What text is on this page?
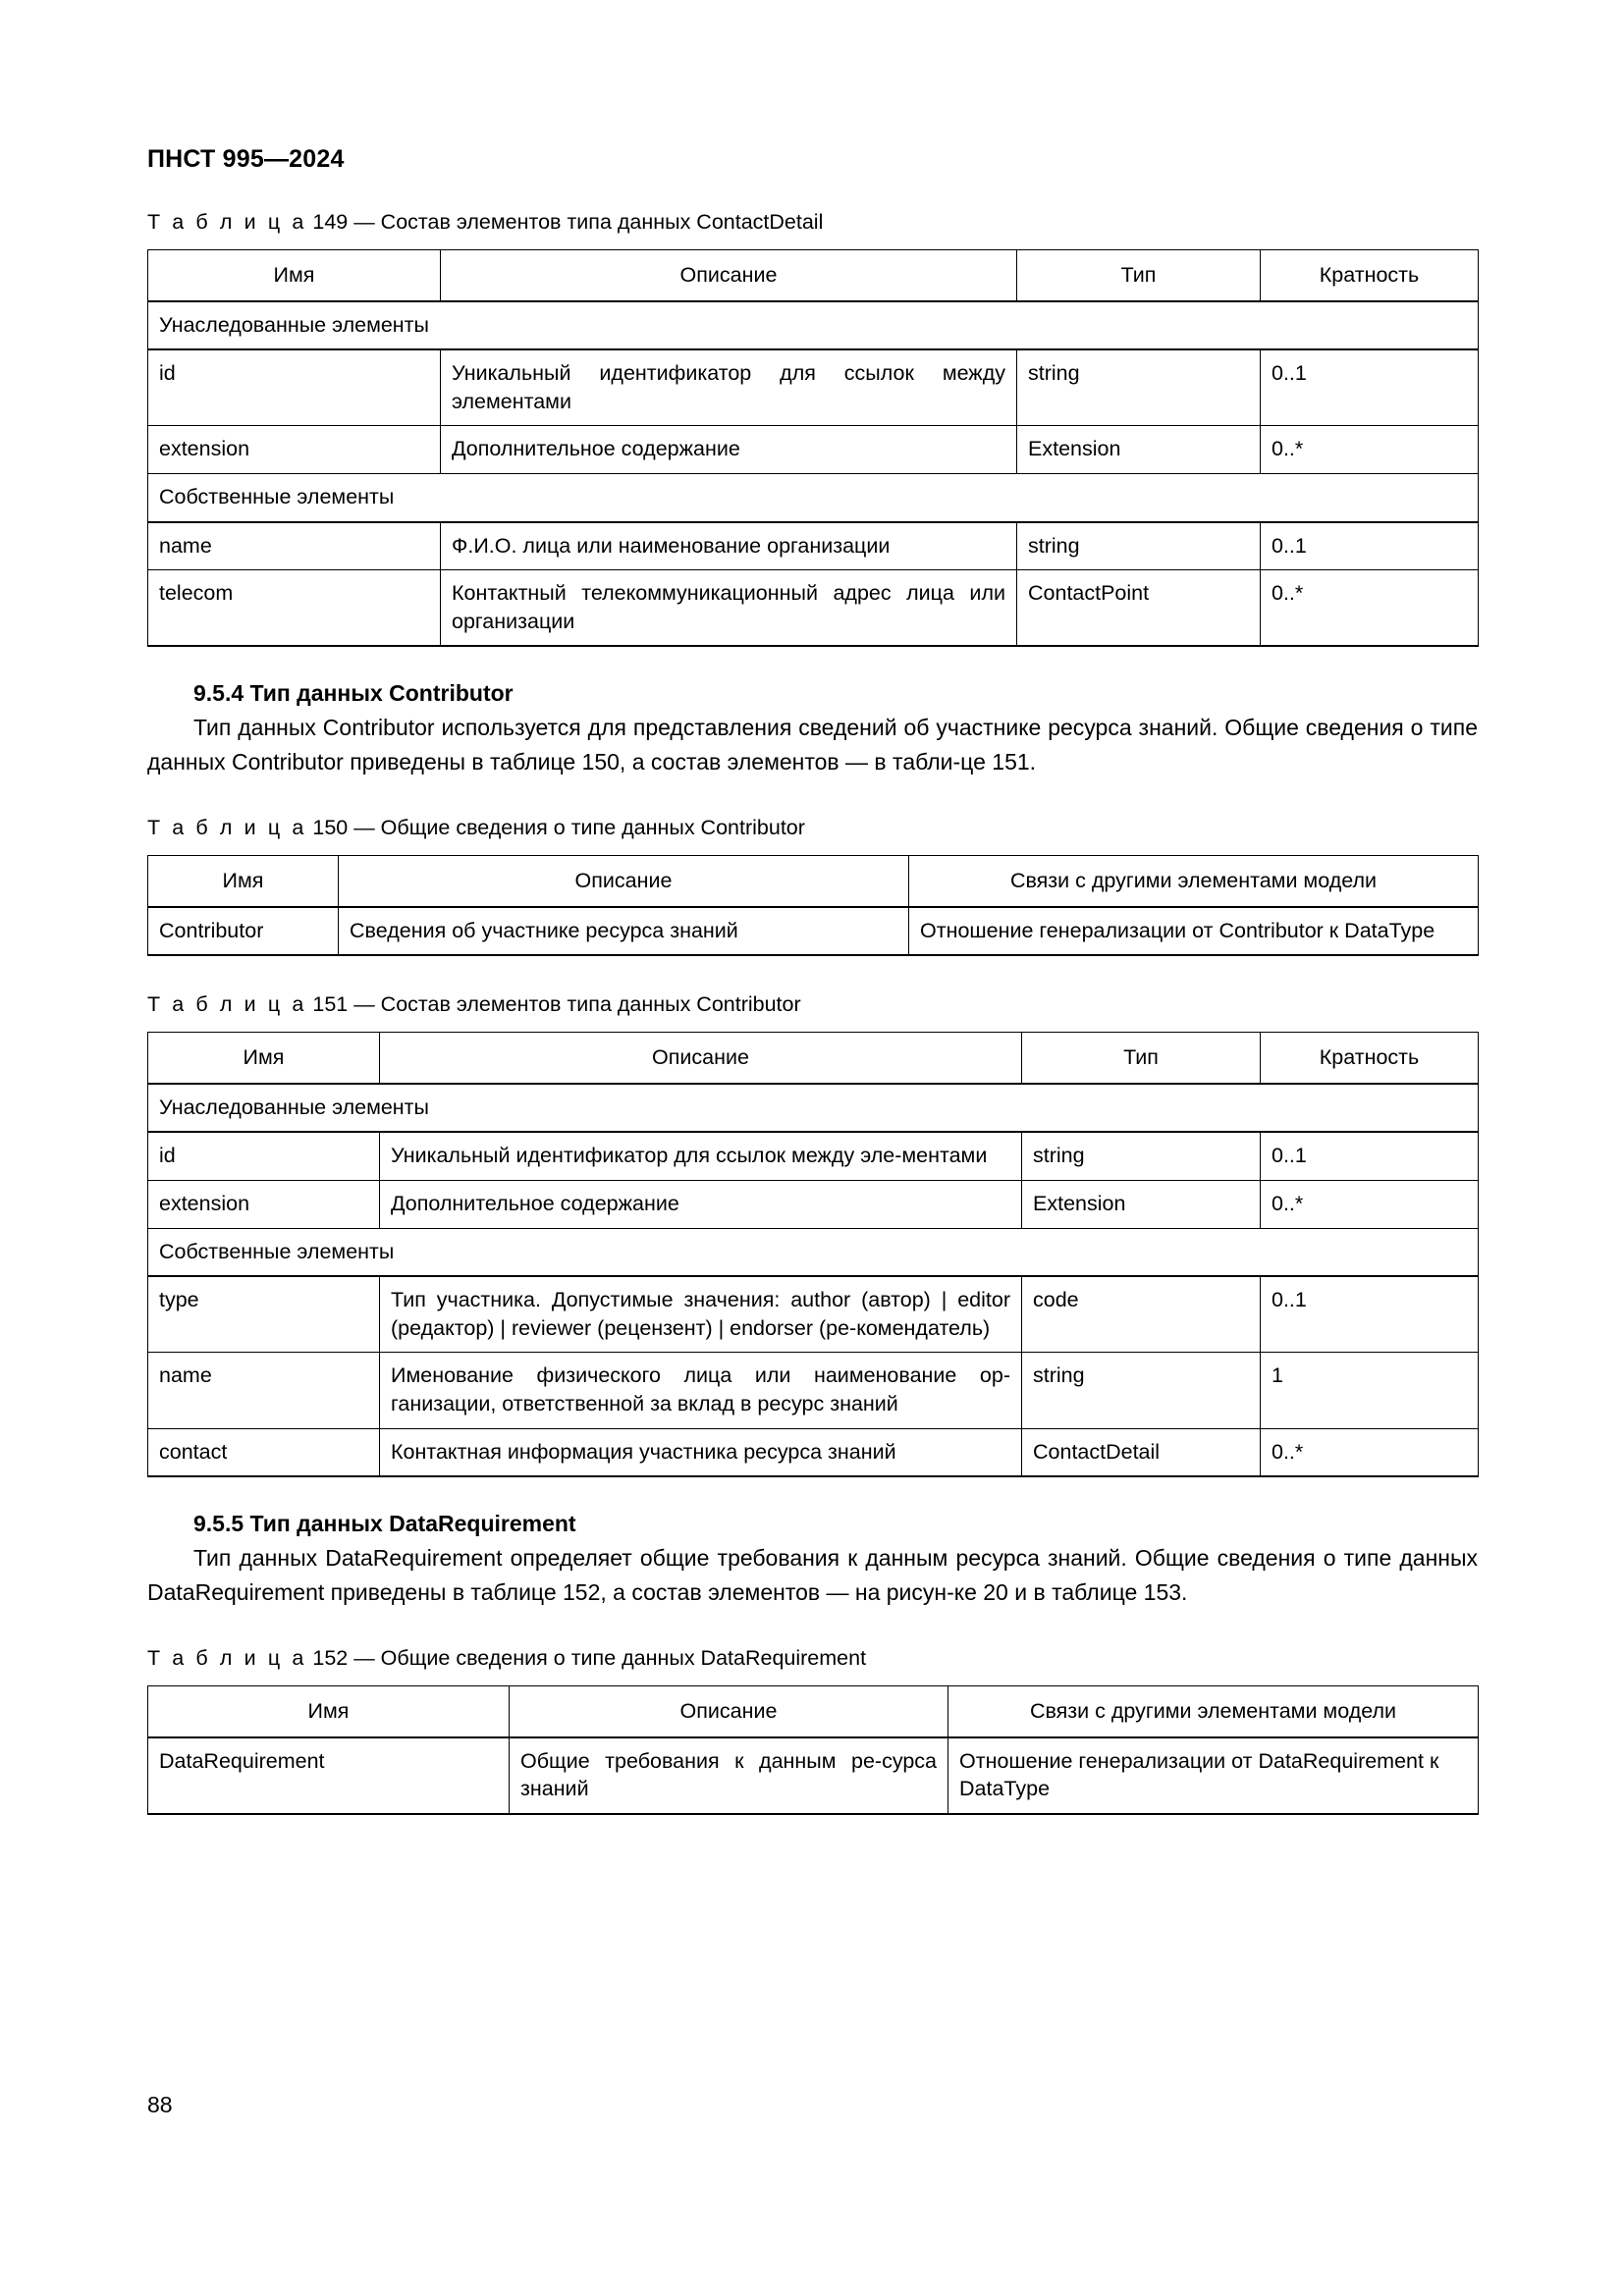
ПНСТ 995—2024
Т а б л и ц а 149 — Состав элементов типа данных ContactDetail
Имя	Описание	Тип	Кратность
Унаследованные элементы			
id	Уникальный идентификатор для ссылок между элементами	string	0..1
extension	Дополнительное содержание	Extension	0..*
Собственные элементы			
name	Ф.И.О. лица или наименование организации	string	0..1
telecom	Контактный телекоммуникационный адрес лица или организации	ContactPoint	0..*
9.5.4 Тип данных Contributor

Тип данных Contributor используется для представления сведений об участнике ресурса знаний. Общие сведения о типе данных Contributor приведены в таблице 150, а состав элементов — в табли-​це 151.

Т а б л и ц а 150 — Общие сведения о типе данных Contributor
Имя	Описание	Связи с другими элементами модели
Contributor	Сведения об участнике ресурса знаний	Отношение генерализации от Contributor к DataType
Т а б л и ц а 151 — Состав элементов типа данных Contributor
Имя	Описание	Тип	Кратность
Унаследованные элементы			
id	Уникальный идентификатор для ссылок между эле-​ментами	string	0..1
extension	Дополнительное содержание	Extension	0..*
Собственные элементы			
type	Тип участника. Допустимые значения: author (автор) | editor (редактор) | reviewer (рецензент) | endorser (ре-​комендатель)	code	0..1
name	Именование физического лица или наименование ор-​ганизации, ответственной за вклад в ресурс знаний	string	1
contact	Контактная информация участника ресурса знаний	ContactDetail	0..*
9.5.5 Тип данных DataRequirement

Тип данных DataRequirement определяет общие требования к данным ресурса знаний. Общие сведения о типе данных DataRequirement приведены в таблице 152, а состав элементов — на рисун-​ке 20 и в таблице 153.

Т а б л и ц а 152 — Общие сведения о типе данных DataRequirement
Имя	Описание	Связи с другими элементами модели
DataRequirement	Общие требования к данным ре-​сурса знаний	Отношение генерализации от DataRequirement к DataType
88
